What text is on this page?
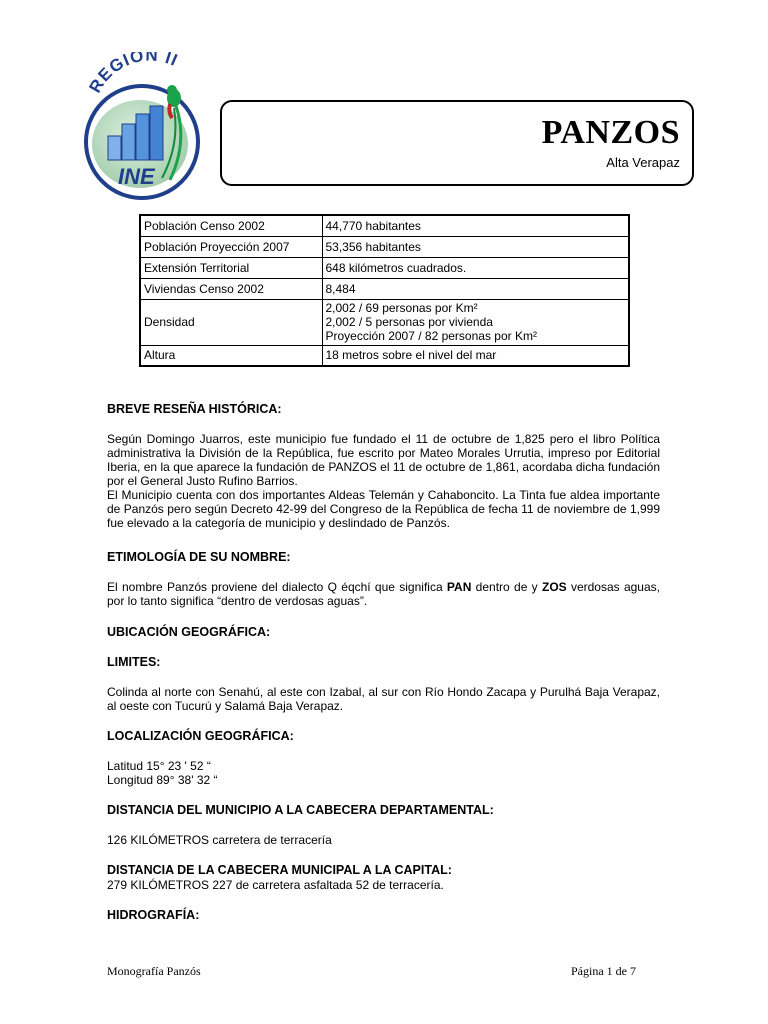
REGION II
INE
PANZOS
Alta Verapaz
Población Censo 2002	44,770 habitantes
Población Proyección 2007	53,356 habitantes
Extensión Territorial	648 kilómetros cuadrados.
Viviendas Censo 2002	8,484
Densidad	2,002 / 69 personas por Km²
2,002 / 5 personas por vivienda
Proyección 2007 / 82 personas por Km²

Altura	18 metros sobre el nivel del mar
BREVE RESEÑA HISTÓRICA:
Según Domingo Juarros, este municipio fue fundado el 11 de octubre de 1,825 pero el libro Política administrativa la División de la República, fue escrito por Mateo Morales Urrutia, impreso por Editorial Iberia, en la que aparece la fundación de PANZOS el 11 de octubre de 1,861, acordaba dicha fundación por el General Justo Rufino Barrios.
El Municipio cuenta con dos importantes Aldeas Telemán y Cahaboncito. La Tinta fue aldea importante de Panzós pero según Decreto 42-99 del Congreso de la República de fecha 11 de noviembre de 1,999 fue elevado a la categoría de municipio y deslindado de Panzós.
ETIMOLOGÍA DE SU NOMBRE:
El nombre Panzós proviene del dialecto Q éqchí que significa PAN dentro de y ZOS verdosas aguas, por lo tanto significa “dentro de verdosas aguas”.
UBICACIÓN GEOGRÁFICA:
LIMITES:
Colinda al norte con Senahú, al este con Izabal, al sur con Río Hondo Zacapa y Purulhá Baja Verapaz, al oeste con Tucurú y Salamá Baja Verapaz.
LOCALIZACIÓN GEOGRÁFICA:
Latitud 15° 23 ' 52 “
Longitud 89° 38' 32 “
DISTANCIA DEL MUNICIPIO A LA CABECERA DEPARTAMENTAL:
126 KILÓMETROS carretera de terracería
DISTANCIA DE LA CABECERA MUNICIPAL A LA CAPITAL:
279 KILÓMETROS 227 de carretera asfaltada 52 de terracería.
HIDROGRAFÍA:
Monografía Panzós	Página 1 de 7
